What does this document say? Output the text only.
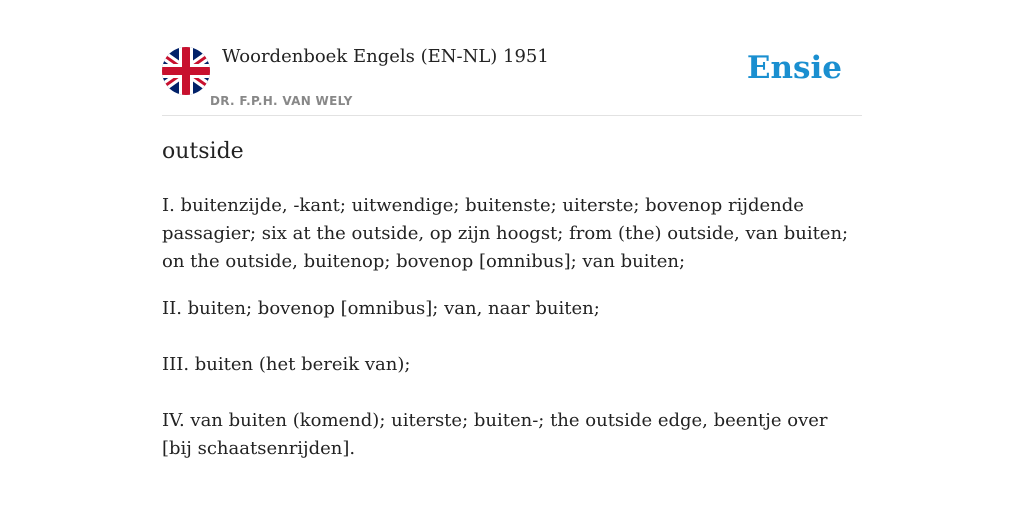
Woordenboek Engels (EN-NL) 1951
DR. F.P.H. VAN WELY
Ensie
outside

I. buitenzijde, -kant; uitwendige; buitenste; uiterste; bovenop rijdende passagier; six at the outside, op zijn hoogst; from (the) outside, van buiten; on the outside, buitenop; bovenop [omnibus]; van buiten;

II. buiten; bovenop [omnibus]; van, naar buiten;

III. buiten (het bereik van);

IV. van buiten (komend); uiterste; buiten-; the outside edge, beentje over [bij schaatsenrijden].
